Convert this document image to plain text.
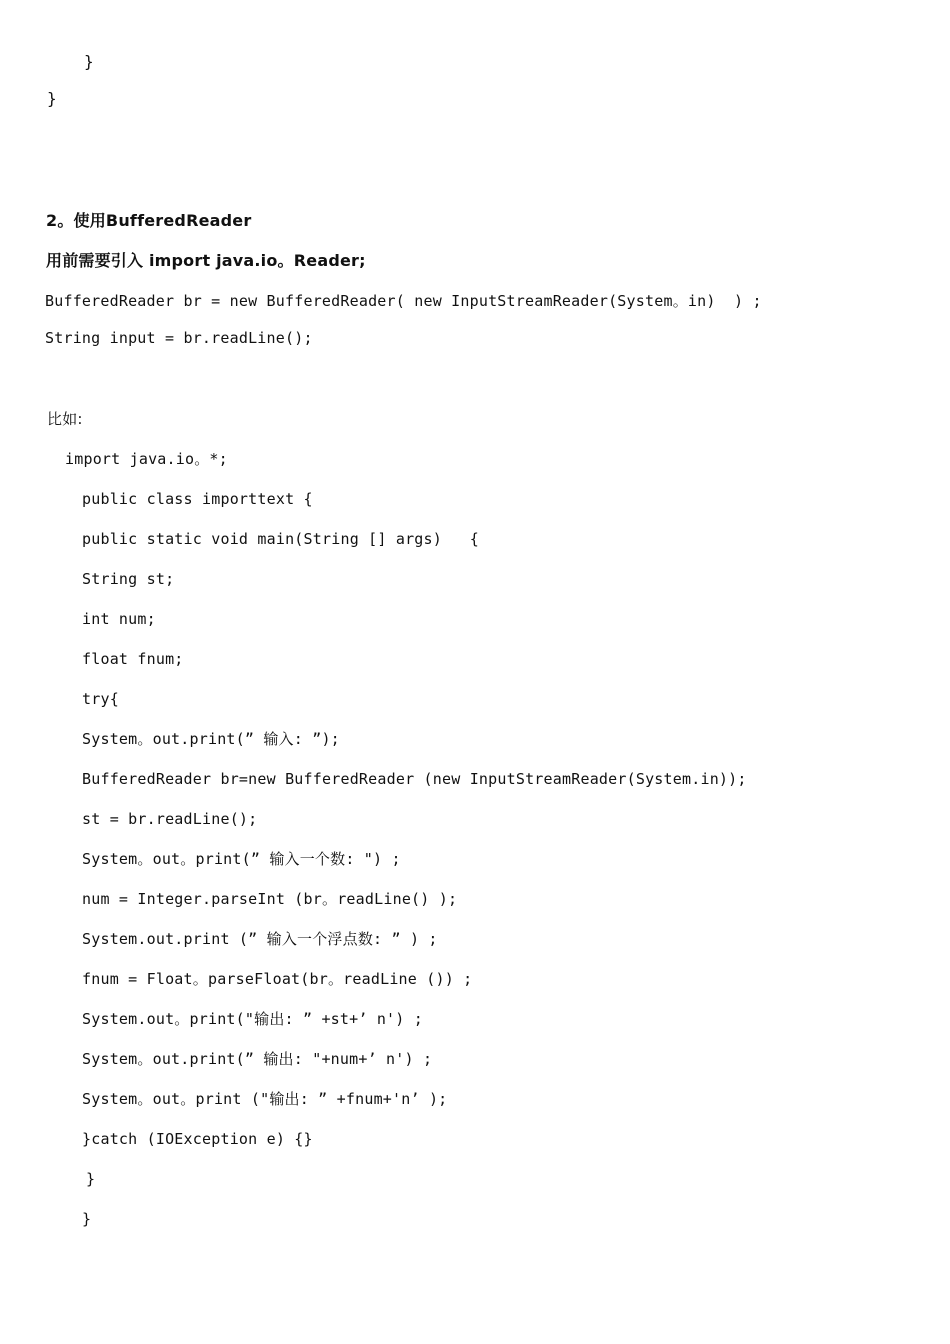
}
}
2。使用BufferedReader
用前需要引入 import java.io。Reader;
BufferedReader br = new BufferedReader( new InputStreamReader(System。in)  ) ;
String input = br.readLine();
比如:
import java.io。*;
public class importtext {
public static void main(String [] args)   {
String st;
int num;
float fnum;
try{
System。out.print(” 输入: ”);
BufferedReader br=new BufferedReader (new InputStreamReader(System.in));
st = br.readLine();
System。out。print(” 输入一个数: ") ;
num = Integer.parseInt (br。readLine() );
System.out.print (” 输入一个浮点数: ” ) ;
fnum = Float。parseFloat(br。readLine ()) ;
System.out。print("输出: ” +st+’ n') ;
System。out.print(” 输出: "+num+’ n') ;
System。out。print ("输出: ” +fnum+'n’ );
}catch (IOException e) {}
}
}
